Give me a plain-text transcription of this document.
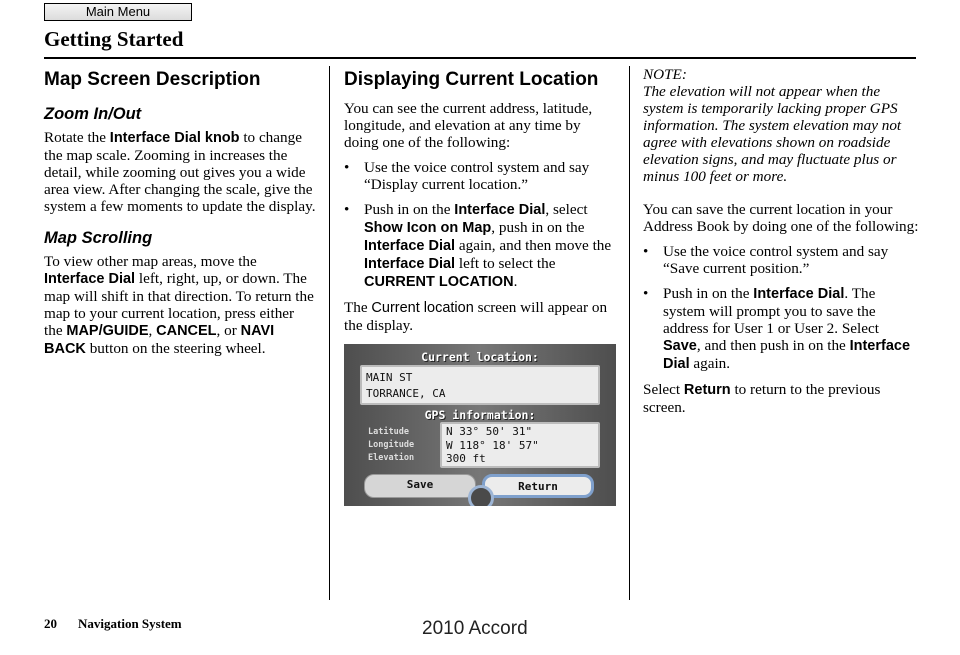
Main Menu
Getting Started
Map Screen Description
Zoom In/Out

Rotate the Interface Dial knob to change the map scale. Zooming in increases the detail, while zooming out gives you a wide area view. After changing the scale, give the system a few moments to update the display.

Map Scrolling

To view other map areas, move the Interface Dial left, right, up, or down. The map will shift in that direction. To return the map to your current location, press either the MAP/GUIDE, CANCEL, or NAVI BACK button on the steering wheel.

Displaying Current Location

You can see the current address, latitude, longitude, and elevation at any time by doing one of the following:

• Use the voice control system and say “Display current location.”
• Push in on the Interface Dial, select Show Icon on Map, push in on the Interface Dial again, and then move the Interface Dial left to select the CURRENT LOCATION.

The Current location screen will appear on the display.

Current location:
MAIN ST
TORRANCE, CA
GPS information:
Latitude
Longitude
Elevation
N 33° 50' 31"
W 118° 18' 57"
300 ft
Save	Return

NOTE:

The elevation will not appear when the system is temporarily lacking proper GPS information. The system elevation may not agree with elevations shown on roadside elevation signs, and may fluctuate plus or minus 100 feet or more.

You can save the current location in your Address Book by doing one of the following:

• Use the voice control system and say “Save current position.”
• Push in on the Interface Dial. The system will prompt you to save the address for User 1 or User 2. Select Save, and then push in on the Interface Dial again.

Select Return to return to the previous screen.

20 Navigation System	2010 Accord
